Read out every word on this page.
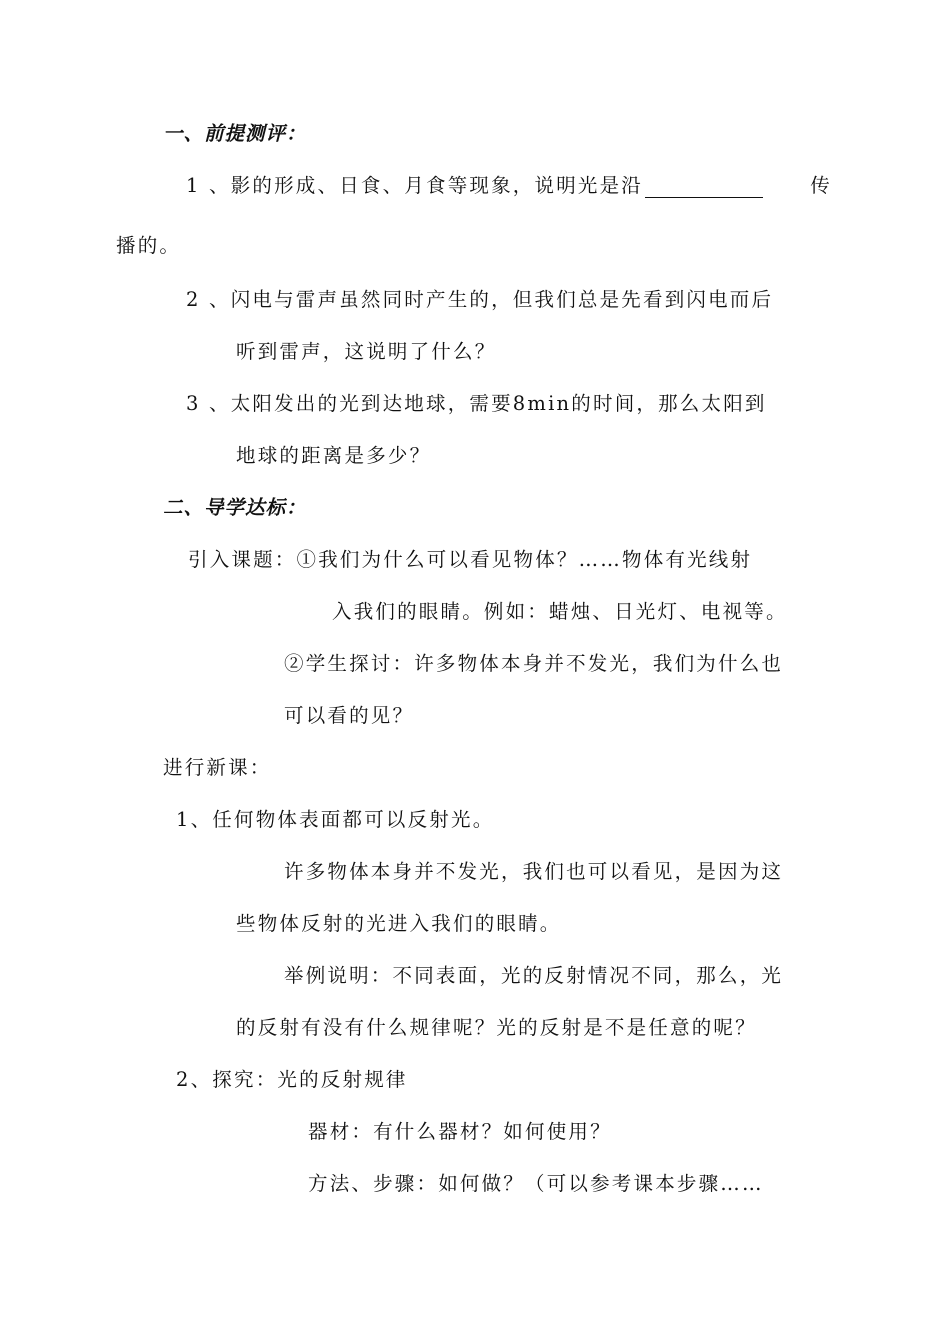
一、前提测评：
1 、影的形成、日食、月食等现象，说明光是沿	传
播的。
2 、闪电与雷声虽然同时产生的，但我们总是先看到闪电而后
听到雷声，这说明了什么？
3 、太阳发出的光到达地球，需要8min的时间，那么太阳到
地球的距离是多少？
二、导学达标：
引入课题：①我们为什么可以看见物体？……物体有光线射
入我们的眼睛。例如：蜡烛、日光灯、电视等。
②学生探讨：许多物体本身并不发光，我们为什么也
可以看的见？
进行新课：
1、任何物体表面都可以反射光。
许多物体本身并不发光，我们也可以看见，是因为这
些物体反射的光进入我们的眼睛。
举例说明：不同表面，光的反射情况不同，那么，光
的反射有没有什么规律呢？光的反射是不是任意的呢？
2、探究：光的反射规律
器材：有什么器材？如何使用？
方法、步骤：如何做？（可以参考课本步骤……
